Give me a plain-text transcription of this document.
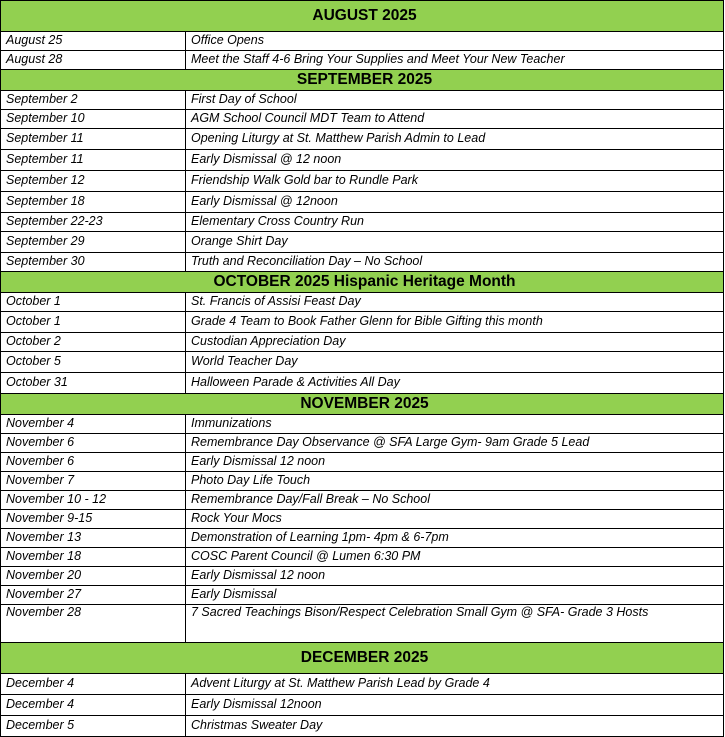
AUGUST 2025	
August 25	Office Opens
August 28	Meet the Staff 4-6 Bring Your Supplies and Meet Your New Teacher
SEPTEMBER 2025	
September 2	First Day of School
September 10	AGM School Council MDT Team to Attend
September 11	Opening Liturgy at St. Matthew Parish Admin to Lead
September 11	Early Dismissal @ 12 noon
September 12	Friendship Walk Gold bar to Rundle Park
September 18	Early Dismissal @ 12noon
September 22-23	Elementary Cross Country Run
September 29	Orange Shirt Day
September 30	Truth and Reconciliation Day – No School
OCTOBER 2025 Hispanic Heritage Month	
October 1	St. Francis of Assisi Feast Day
October 1	Grade 4 Team to Book Father Glenn for Bible Gifting this month
October 2	Custodian Appreciation Day
October 5	World Teacher Day
October 31	Halloween Parade & Activities All Day
NOVEMBER 2025	
November 4	Immunizations
November 6	Remembrance Day Observance @ SFA Large Gym- 9am Grade 5 Lead
November 6	Early Dismissal 12 noon
November 7	Photo Day Life Touch
November 10 - 12	Remembrance Day/Fall Break – No School
November 9-15	Rock Your Mocs
November 13	Demonstration of Learning 1pm- 4pm & 6-7pm
November 18	COSC Parent Council @ Lumen 6:30 PM
November 20	Early Dismissal 12 noon
November 27	Early Dismissal
November 28	7 Sacred Teachings Bison/Respect Celebration Small Gym @ SFA- Grade 3 Hosts
DECEMBER 2025	
December 4	Advent Liturgy at St. Matthew Parish Lead by Grade 4
December 4	Early Dismissal 12noon
December 5	Christmas Sweater Day
